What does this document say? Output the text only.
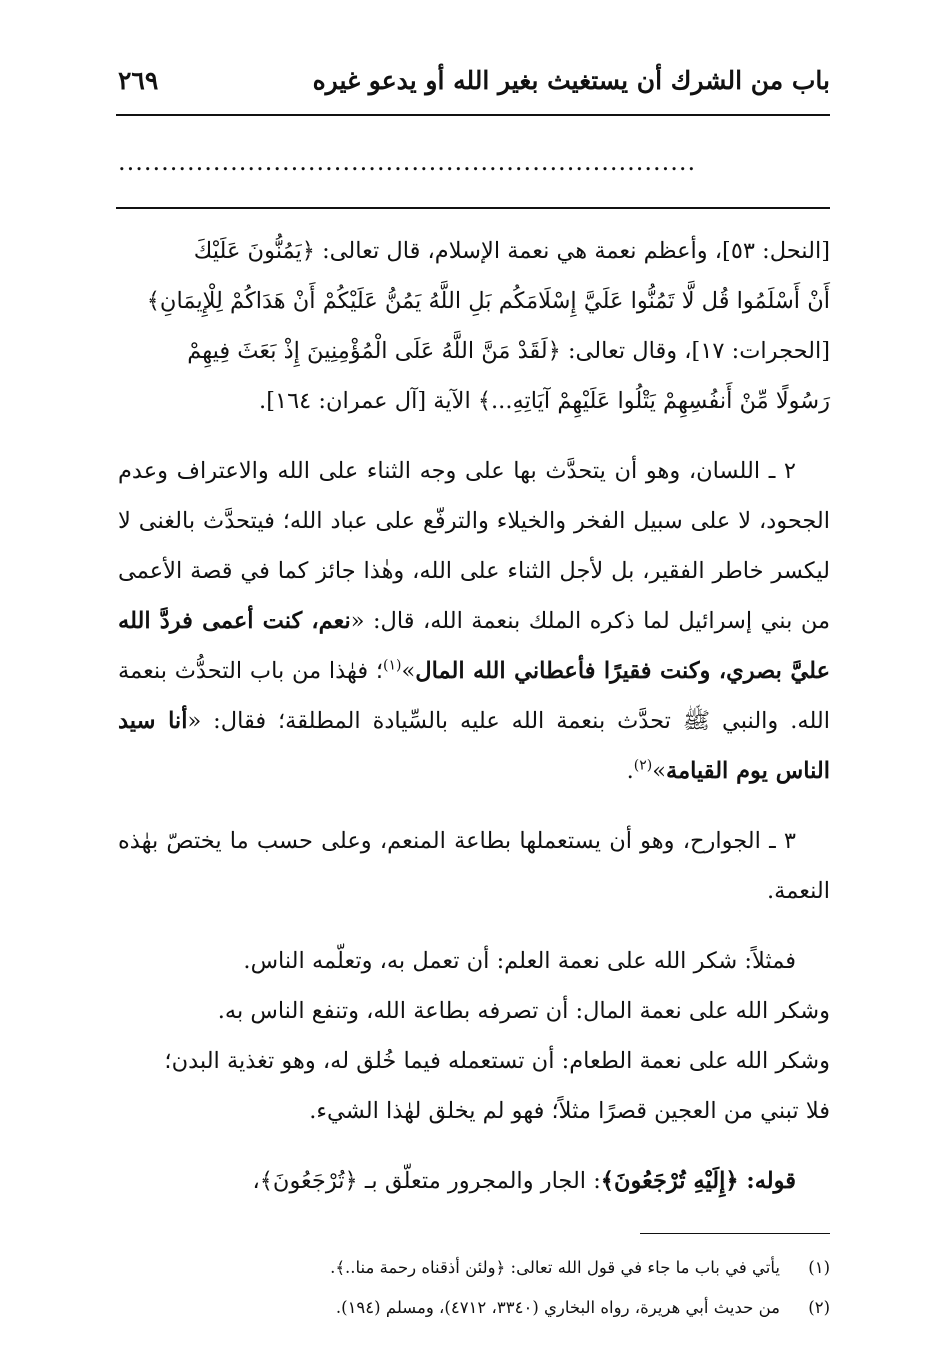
باب من الشرك أن يستغيث بغير الله أو يدعو غيره
٢٦٩
...................................................................

[النحل: ٥٣]، وأعظم نعمة هي نعمة الإسلام، قال تعالى: ﴿يَمُنُّونَ عَلَيْكَ
أَنْ أَسْلَمُوا قُل لَّا تَمُنُّوا عَلَيَّ إِسْلَامَكُم بَلِ اللَّهُ يَمُنُّ عَلَيْكُمْ أَنْ هَدَاكُمْ لِلْإِيمَانِ﴾
[الحجرات: ١٧]، وقال تعالى: ﴿لَقَدْ مَنَّ اللَّهُ عَلَى الْمُؤْمِنِينَ إِذْ بَعَثَ فِيهِمْ
رَسُولًا مِّنْ أَنفُسِهِمْ يَتْلُوا عَلَيْهِمْ آيَاتِهِ...﴾ الآية [آل عمران: ١٦٤].

٢ ـ اللسان، وهو أن يتحدَّث بها على وجه الثناء على الله والاعتراف وعدم الجحود، لا على سبيل الفخر والخيلاء والترفّع على عباد الله؛ فيتحدَّث بالغنى لا ليكسر خاطر الفقير، بل لأجل الثناء على الله، وهٰذا جائز كما في قصة الأعمى من بني إسرائيل لما ذكره الملك بنعمة الله، قال: «نعم، كنت أعمى فردَّ الله عليَّ بصري، وكنت فقيرًا فأعطاني الله المال»$^{(١)}$؛ فهٰذا من باب التحدُّث بنعمة الله. والنبي ﷺ تحدَّث بنعمة الله عليه بالسِّيادة المطلقة؛ فقال: «أنا سيد الناس يوم القيامة»$^{(٢)}$.

٣ ـ الجوارح، وهو أن يستعملها بطاعة المنعم، وعلى حسب ما يختصّ بهٰذه النعمة.

فمثلاً: شكر الله على نعمة العلم: أن تعمل به، وتعلّمه الناس.
وشكر الله على نعمة المال: أن تصرفه بطاعة الله، وتنفع الناس به.
وشكر الله على نعمة الطعام: أن تستعمله فيما خُلق له، وهو تغذية البدن؛
فلا تبني من العجين قصرًا مثلاً؛ فهو لم يخلق لهٰذا الشيء.

قوله: ﴿إِلَيْهِ تُرْجَعُونَ﴾: الجار والمجرور متعلّق بـ ﴿تُرْجَعُونَ﴾،

(١)
يأتي في باب ما جاء في قول الله تعالى: ﴿ولئن أذقناه رحمة منا..﴾.
(٢)
من حديث أبي هريرة، رواه البخاري (٣٣٤٠، ٤٧١٢)، ومسلم (١٩٤).
